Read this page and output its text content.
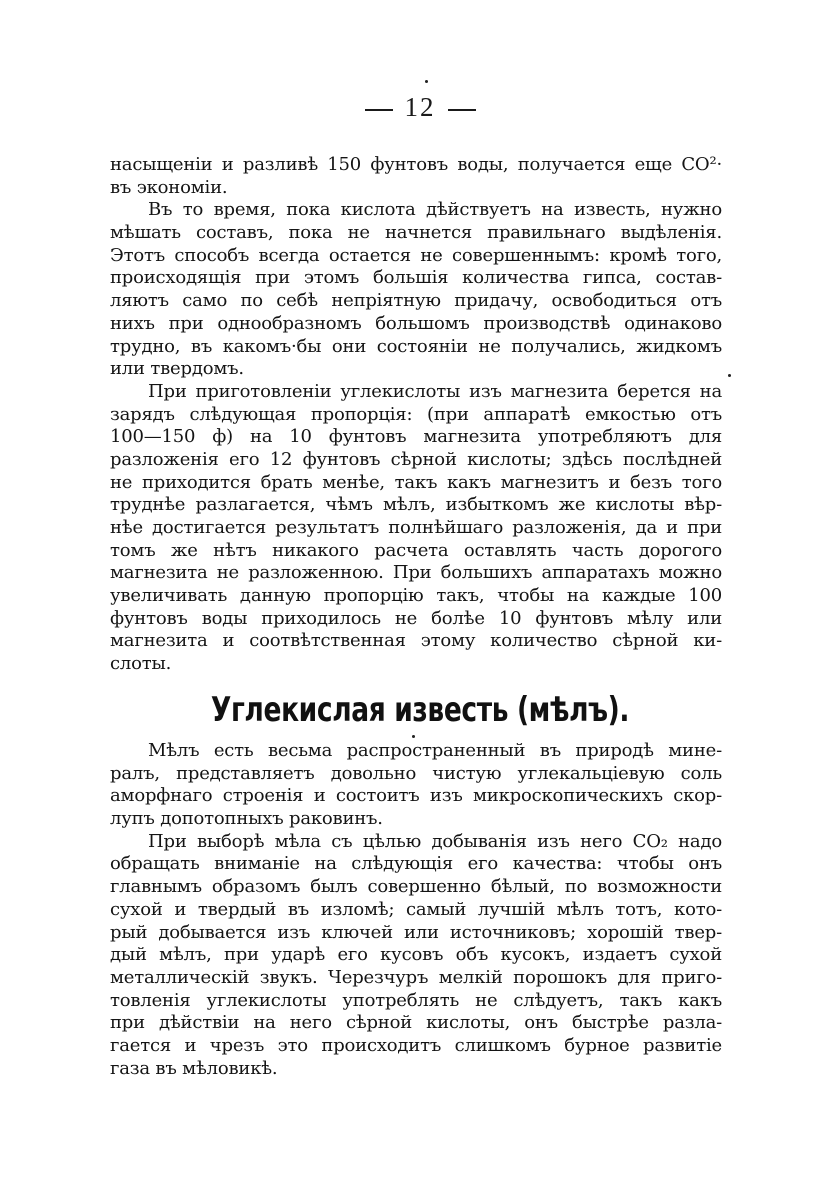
12
насыщеніи и разливѣ 150 фунтовъ воды, получается еще CO²·
въ экономіи.
Въ то время, пока кислота дѣйствуетъ на известь, нужно
мѣшать составъ, пока не начнется правильнаго выдѣленія.
Этотъ способъ всегда остается не совершеннымъ: кромѣ того,
происходящія при этомъ большія количества гипса, состав-
ляютъ само по себѣ непріятную придачу, освободиться отъ
нихъ при однообразномъ большомъ производствѣ одинаково
трудно, въ какомъ·бы они состояніи не получались, жидкомъ
или твердомъ.
При приготовленіи углекислоты изъ магнезита берется на
зарядъ слѣдующая пропорція: (при аппаратѣ емкостью отъ
100—150 ф) на 10 фунтовъ магнезита употребляютъ для
разложенія его 12 фунтовъ сѣрной кислоты; здѣсь послѣдней
не приходится брать менѣе, такъ какъ магнезитъ и безъ того
труднѣе разлагается, чѣмъ мѣлъ, избыткомъ же кислоты вѣр-
нѣе достигается результатъ полнѣйшаго разложенія, да и при
томъ же нѣтъ никакого расчета оставлять часть дорогого
магнезита не разложенною. При большихъ аппаратахъ можно
увеличивать данную пропорцію такъ, чтобы на каждые 100
фунтовъ воды приходилось не болѣе 10 фунтовъ мѣлу или
магнезита и соотвѣтственная этому количество сѣрной ки-
слоты.
Углекислая известь (мѣлъ).
Мѣлъ есть весьма распространенный въ природѣ мине-
ралъ, представляетъ довольно чистую углекальціевую соль
аморфнаго строенія и состоитъ изъ микроскопическихъ скор-
лупъ допотопныхъ раковинъ.
При выборѣ мѣла съ цѣлью добыванія изъ него CO₂ надо
обращать вниманіе на слѣдующія его качества: чтобы онъ
главнымъ образомъ былъ совершенно бѣлый, по возможности
сухой и твердый въ изломѣ; самый лучшій мѣлъ тотъ, кото-
рый добывается изъ ключей или источниковъ; хорошій твер-
дый мѣлъ, при ударѣ его кусовъ объ кусокъ, издаетъ сухой
металлическій звукъ. Черезчуръ мелкій порошокъ для приго-
товленія углекислоты употреблять не слѣдуетъ, такъ какъ
при дѣйствіи на него сѣрной кислоты, онъ быстрѣе разла-
гается и чрезъ это происходитъ слишкомъ бурное развитіе
газа въ мѣловикѣ.
